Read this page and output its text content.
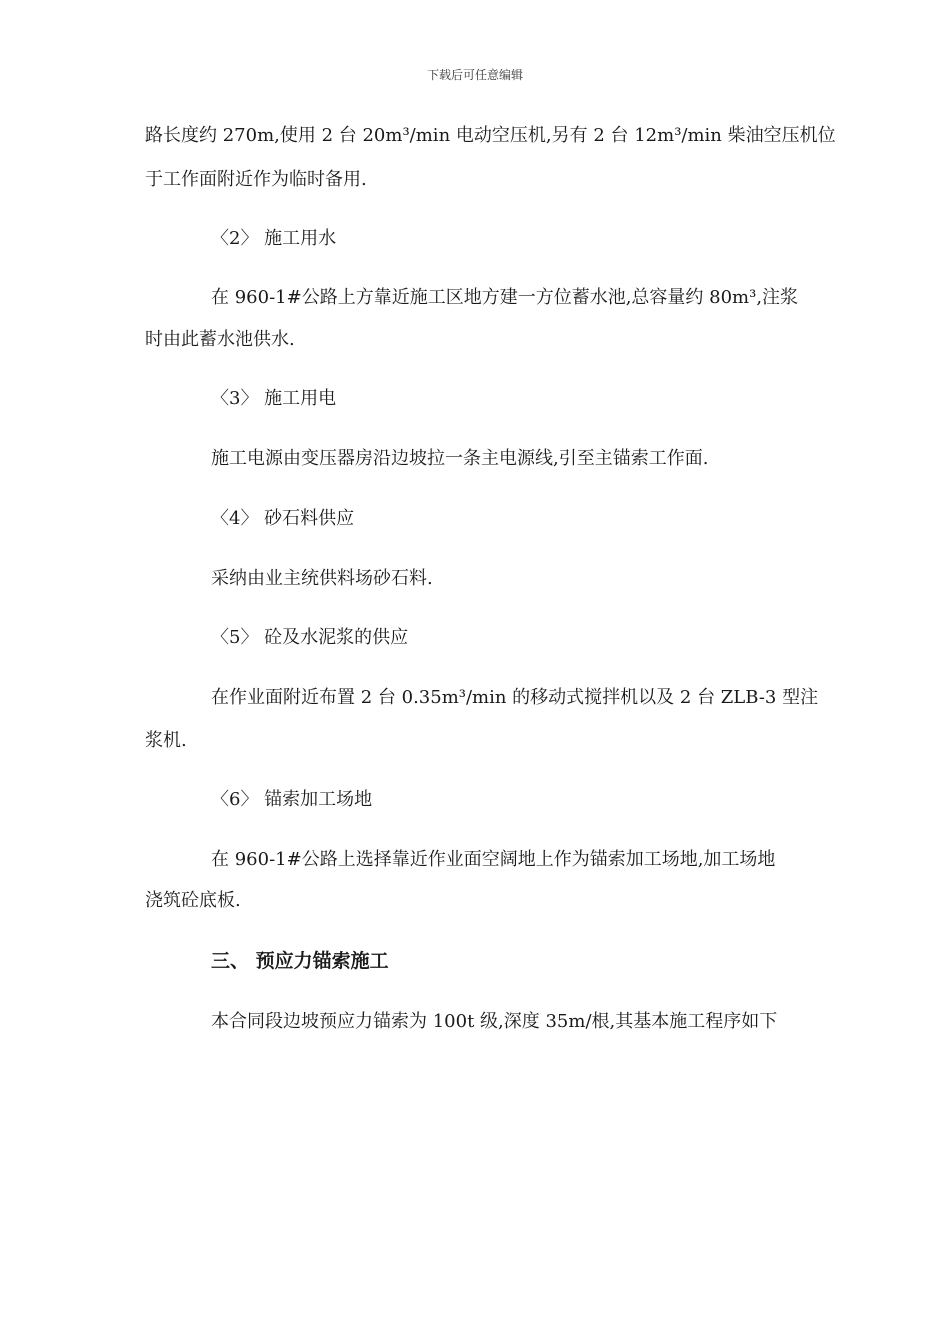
下载后可任意编辑
路长度约 270m,使用 2 台 20m³/min 电动空压机,另有 2 台 12m³/min 柴油空压机位
于工作面附近作为临时备用.
〈2〉 施工用水
在 960-1#公路上方靠近施工区地方建一方位蓄水池,总容量约 80m³,注浆
时由此蓄水池供水.
〈3〉 施工用电
施工电源由变压器房沿边坡拉一条主电源线,引至主锚索工作面.
〈4〉 砂石料供应
采纳由业主统供料场砂石料.
〈5〉 砼及水泥浆的供应
在作业面附近布置 2 台 0.35m³/min 的移动式搅拌机以及 2 台 ZLB-3 型注
浆机.
〈6〉 锚索加工场地
在 960-1#公路上选择靠近作业面空阔地上作为锚索加工场地,加工场地
浇筑砼底板.
三、 预应力锚索施工
本合同段边坡预应力锚索为 100t 级,深度 35m/根,其基本施工程序如下
